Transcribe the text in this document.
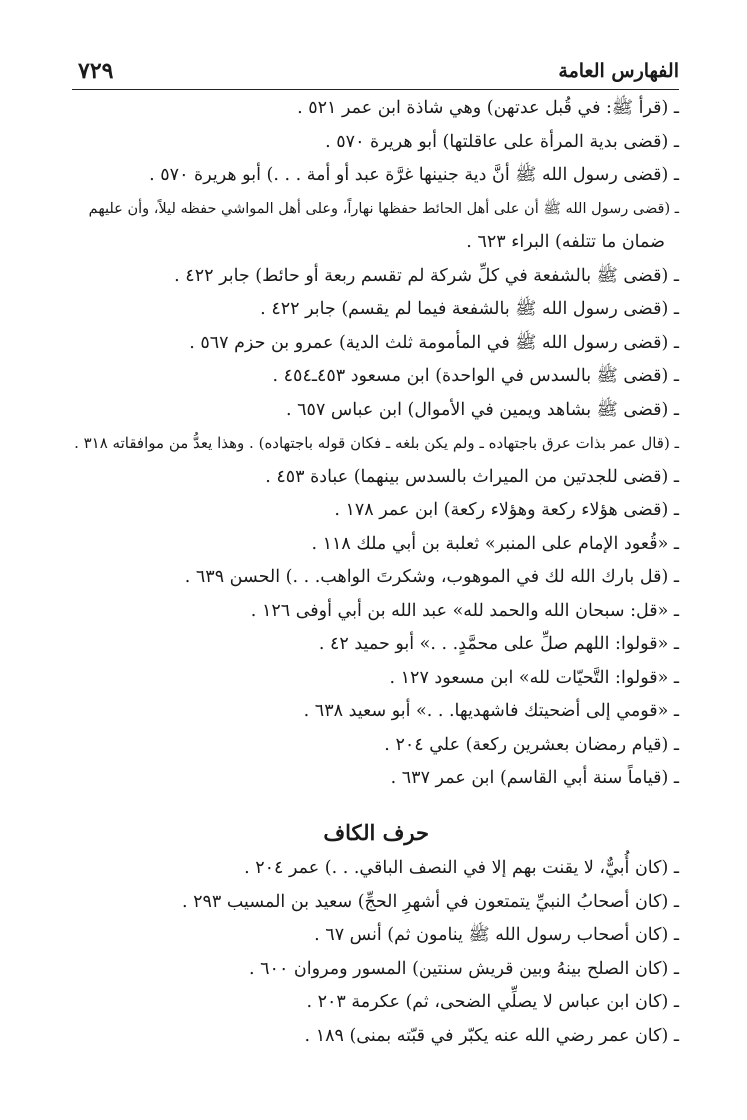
٧٢٩	الفهارس العامة
ـ (قرأ ﷺ: في قُبل عدتهن) وهي شاذة ابن عمر ٥٢١ .
ـ (قضى بدية المرأة على عاقلتها) أبو هريرة ٥٧٠ .
ـ (قضى رسول الله ﷺ أنَّ دية جنينها غرَّة عبد أو أمة . . .) أبو هريرة ٥٧٠ .
ـ (قضى رسول الله ﷺ أن على أهل الحائط حفظها نهاراً، وعلى أهل المواشي حفظه ليلاً، وأن عليهم
ضمان ما تتلفه) البراء ٦٢٣ .
ـ (قضى ﷺ بالشفعة في كلِّ شركة لم تقسم ربعة أو حائط) جابر ٤٢٢ .
ـ (قضى رسول الله ﷺ بالشفعة فيما لم يقسم) جابر ٤٢٢ .
ـ (قضى رسول الله ﷺ في المأمومة ثلث الدية) عمرو بن حزم ٥٦٧ .
ـ (قضى ﷺ بالسدس في الواحدة) ابن مسعود ٤٥٣ـ٤٥٤ .
ـ (قضى ﷺ بشاهد ويمين في الأموال) ابن عباس ٦٥٧ .
ـ (قال عمر بذات عرق باجتهاده ـ ولم يكن بلغه ـ فكان قوله باجتهاده) . وهذا يعدُّ من موافقاته ٣١٨ .
ـ (قضى للجدتين من الميراث بالسدس بينهما) عبادة ٤٥٣ .
ـ (قضى هؤلاء ركعة وهؤلاء ركعة) ابن عمر ١٧٨ .
ـ «قُعود الإمام على المنبر» ثعلبة بن أبي ملك ١١٨ .
ـ (قل بارك الله لك في الموهوب، وشكرتَ الواهب. . .) الحسن ٦٣٩ .
ـ «قل: سبحان الله والحمد لله» عبد الله بن أبي أوفى ١٢٦ .
ـ «قولوا: اللهم صلِّ على محمَّدٍ. . .» أبو حميد ٤٢ .
ـ «قولوا: التَّحيّات لله» ابن مسعود ١٢٧ .
ـ «قومي إلى أضحيتك فاشهديها. . .» أبو سعيد ٦٣٨ .
ـ (قيام رمضان بعشرين ركعة) علي ٢٠٤ .
ـ (قياماً سنة أبي القاسم) ابن عمر ٦٣٧ .
حرف الكاف
ـ (كان أُبيٌّ، لا يقنت بهم إلا في النصف الباقي. . .) عمر ٢٠٤ .
ـ (كان أصحابُ النبيِّ يتمتعون في أشهرِ الحجِّ) سعيد بن المسيب ٢٩٣ .
ـ (كان أصحاب رسول الله ﷺ ينامون ثم) أنس ٦٧ .
ـ (كان الصلح بينهُ وبين قريش سنتين) المسور ومروان ٦٠٠ .
ـ (كان ابن عباس لا يصلِّي الضحى، ثم) عكرمة ٢٠٣ .
ـ (كان عمر رضي الله عنه يكبّر في قبّته بمنى) ١٨٩ .
